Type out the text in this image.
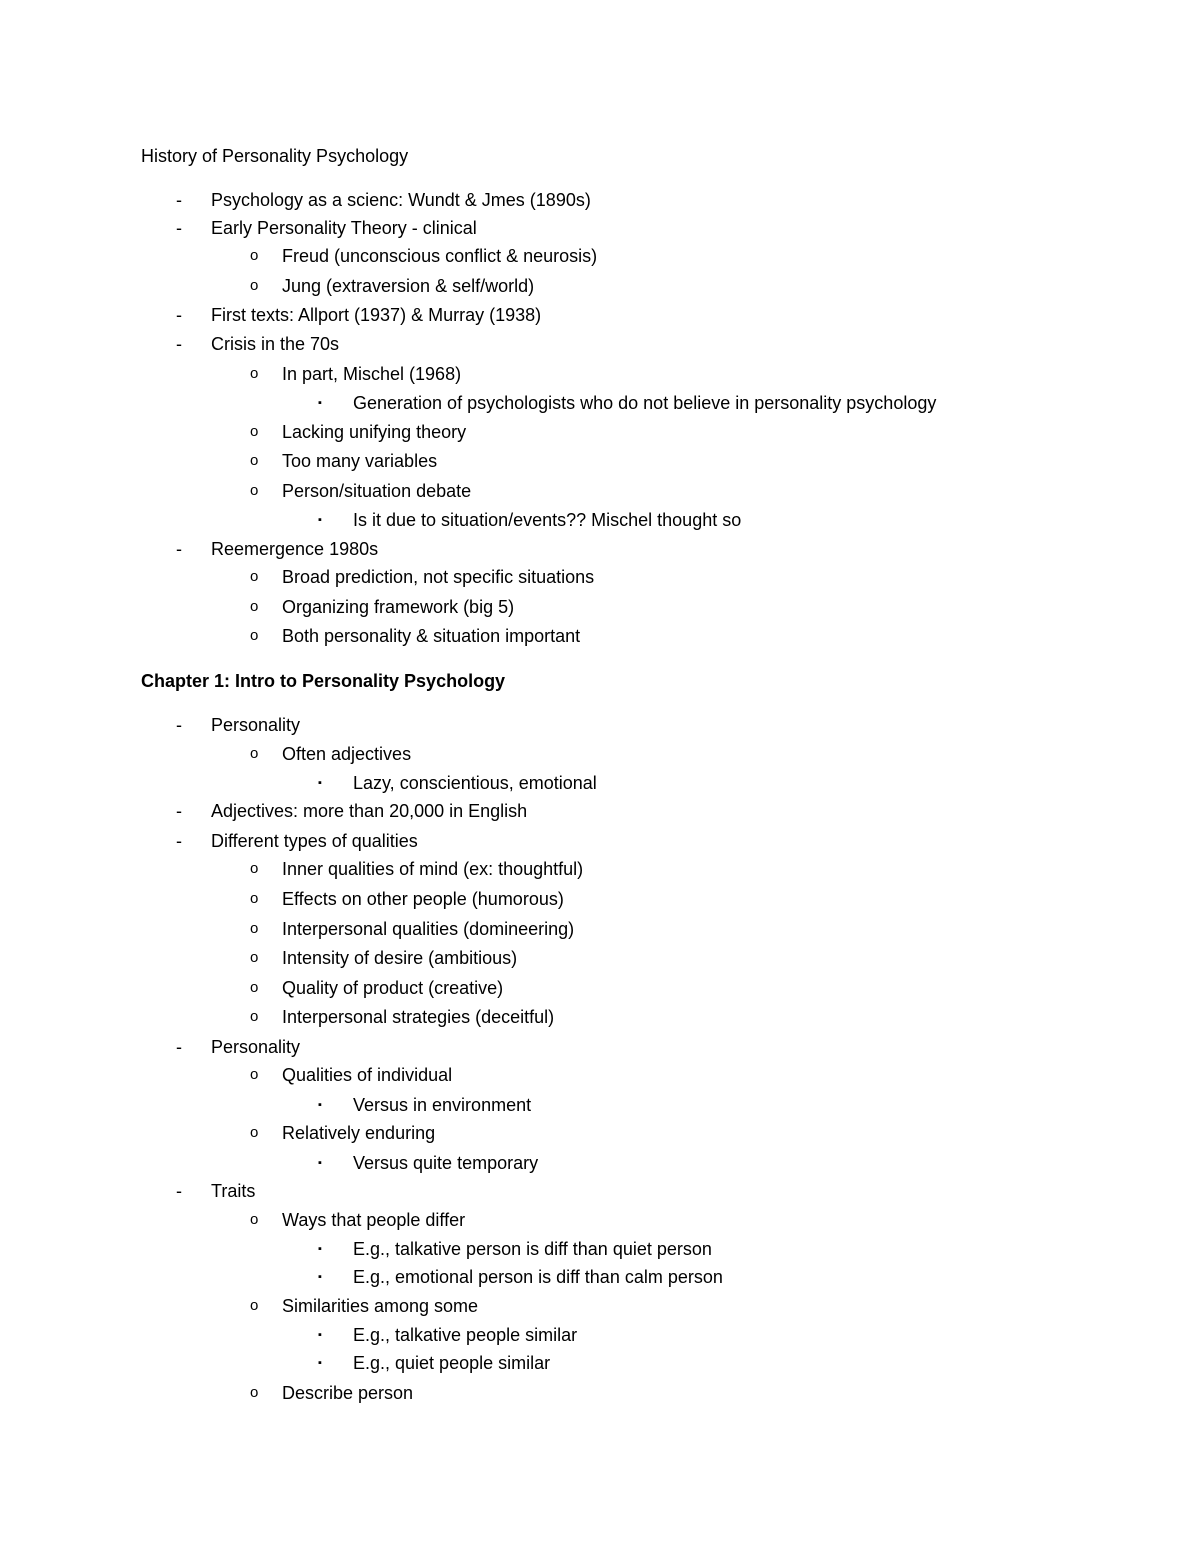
History of Personality Psychology
- Psychology as a scienc: Wundt & Jmes (1890s)
- Early Personality Theory - clinical
o Freud (unconscious conflict & neurosis)
o Jung (extraversion & self/world)
- First texts: Allport (1937) & Murray (1938)
- Crisis in the 70s
o In part, Mischel (1968)
▪ Generation of psychologists who do not believe in personality psychology
o Lacking unifying theory
o Too many variables
o Person/situation debate
▪ Is it due to situation/events?? Mischel thought so
- Reemergence 1980s
o Broad prediction, not specific situations
o Organizing framework (big 5)
o Both personality & situation important
Chapter 1: Intro to Personality Psychology
- Personality
o Often adjectives
▪ Lazy, conscientious, emotional
- Adjectives: more than 20,000 in English
- Different types of qualities
o Inner qualities of mind (ex: thoughtful)
o Effects on other people (humorous)
o Interpersonal qualities (domineering)
o Intensity of desire (ambitious)
o Quality of product (creative)
o Interpersonal strategies (deceitful)
- Personality
o Qualities of individual
▪ Versus in environment
o Relatively enduring
▪ Versus quite temporary
- Traits
o Ways that people differ
▪ E.g., talkative person is diff than quiet person
▪ E.g., emotional person is diff than calm person
o Similarities among some
▪ E.g., talkative people similar
▪ E.g., quiet people similar
o Describe person
